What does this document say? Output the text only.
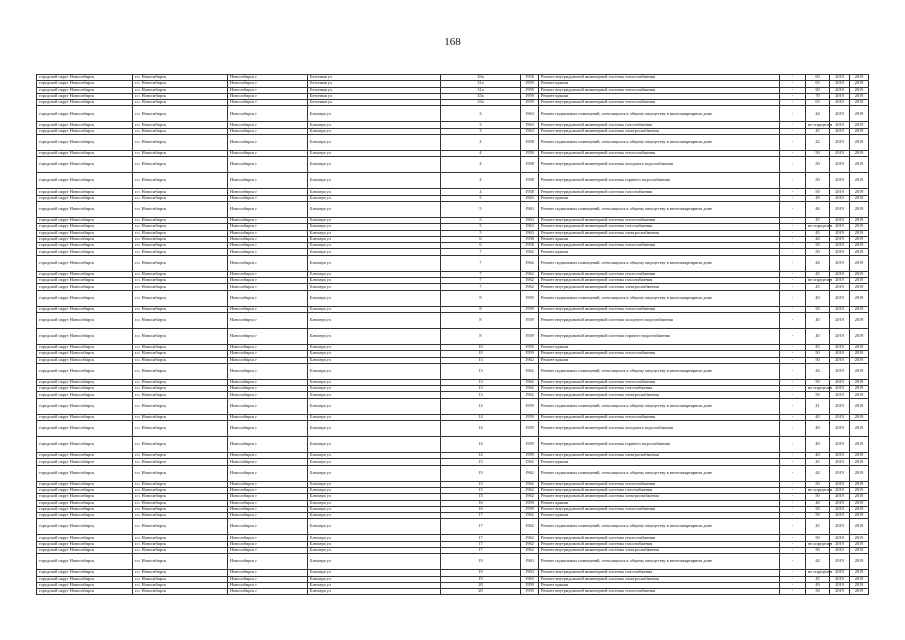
168
городской округ Новосибирск	г.о. Новосибирск	Новосибирск г	Бетонная ул	29а	1958	Ремонт внутридомовой инженерной системы теплоснабжения	-	60	2019	2019
городской округ Новосибирск	г.о. Новосибирск	Новосибирск г	Бетонная ул	31а	1959	Ремонт крыши	-	65	2019	2019
городской округ Новосибирск	г.о. Новосибирск	Новосибирск г	Бетонная ул	31а	1959	Ремонт внутридомовой инженерной системы теплоснабжения	-	50	2019	2019
городской округ Новосибирск	г.о. Новосибирск	Новосибирск г	Бетонная ул	33а	1959	Ремонт крыши	-	70	2019	2019
городской округ Новосибирск	г.о. Новосибирск	Новосибирск г	Бетонная ул	33а	1959	Ремонт внутридомовой инженерной системы теплоснабжения	-	65	2019	2019
городской округ Новосибирск	г.о. Новосибирск	Новосибирск г	Блюхера ул	3	1963	Ремонт подвальных помещений, относящихся к общему имуществу в многоквартирном доме	-	44	2019	2019
городской округ Новосибирск	г.о. Новосибирск	Новосибирск г	Блюхера ул	3	1963	Ремонт внутридомовой инженерной системы газоснабжения	-	не определен	2019	2019
городской округ Новосибирск	г.о. Новосибирск	Новосибирск г	Блюхера ул	3	1963	Ремонт внутридомовой инженерной системы электроснабжения	-	45	2019	2019
городской округ Новосибирск	г.о. Новосибирск	Новосибирск г	Блюхера ул	4	1958	Ремонт подвальных помещений, относящихся к общему имуществу в многоквартирном доме	-	42	2019	2019
городской округ Новосибирск	г.о. Новосибирск	Новосибирск г	Блюхера ул	4	1958	Ремонт внутридомовой инженерной системы теплоснабжения	-	50	2019	2019
городской округ Новосибирск	г.о. Новосибирск	Новосибирск г	Блюхера ул	4	1958	Ремонт внутридомовой инженерной системы холодного водоснабжения	-	50	2019	2019
городской округ Новосибирск	г.о. Новосибирск	Новосибирск г	Блюхера ул	4	1958	Ремонт внутридомовой инженерной системы горячего водоснабжения	-	50	2019	2019
городской округ Новосибирск	г.о. Новосибирск	Новосибирск г	Блюхера ул	4	1958	Ремонт внутридомовой инженерной системы газоснабжения	-	50	2019	2019
городской округ Новосибирск	г.о. Новосибирск	Новосибирск г	Блюхера ул	5	1963	Ремонт крыши	-	49	2019	2019
городской округ Новосибирск	г.о. Новосибирск	Новосибирск г	Блюхера ул	5	1963	Ремонт подвальных помещений, относящихся к общему имуществу в многоквартирном доме	-	46	2019	2019
городской округ Новосибирск	г.о. Новосибирск	Новосибирск г	Блюхера ул	5	1963	Ремонт внутридомовой инженерной системы теплоснабжения	-	45	2019	2019
городской округ Новосибирск	г.о. Новосибирск	Новосибирск г	Блюхера ул	5	1963	Ремонт внутридомовой инженерной системы газоснабжения	-	не определен	2019	2019
городской округ Новосибирск	г.о. Новосибирск	Новосибирск г	Блюхера ул	5	1963	Ремонт внутридомовой инженерной системы электроснабжения	-	45	2019	2019
городской округ Новосибирск	г.о. Новосибирск	Новосибирск г	Блюхера ул	6	1958	Ремонт крыши	-	40	2019	2019
городской округ Новосибирск	г.о. Новосибирск	Новосибирск г	Блюхера ул	6	1958	Ремонт внутридомовой инженерной системы теплоснабжения	-	50	2019	2019
городской округ Новосибирск	г.о. Новосибирск	Новосибирск г	Блюхера ул	7	1962	Ремонт крыши	-	50	2019	2019
городской округ Новосибирск	г.о. Новосибирск	Новосибирск г	Блюхера ул	7	1962	Ремонт подвальных помещений, относящихся к общему имуществу в многоквартирном доме	-	44	2019	2019
городской округ Новосибирск	г.о. Новосибирск	Новосибирск г	Блюхера ул	7	1962	Ремонт внутридомовой инженерной системы теплоснабжения	-	45	2019	2019
городской округ Новосибирск	г.о. Новосибирск	Новосибирск г	Блюхера ул	7	1962	Ремонт внутридомовой инженерной системы газоснабжения	-	не определен	2019	2019
городской округ Новосибирск	г.о. Новосибирск	Новосибирск г	Блюхера ул	7	1962	Ремонт внутридомовой инженерной системы электроснабжения	-	45	2019	2019
городской округ Новосибирск	г.о. Новосибирск	Новосибирск г	Блюхера ул	8	1959	Ремонт подвальных помещений, относящихся к общему имуществу в многоквартирном доме	-	40	2019	2019
городской округ Новосибирск	г.о. Новосибирск	Новосибирск г	Блюхера ул	8	1959	Ремонт внутридомовой инженерной системы теплоснабжения	-	50	2019	2019
городской округ Новосибирск	г.о. Новосибирск	Новосибирск г	Блюхера ул	8	1959	Ремонт внутридомовой инженерной системы холодного водоснабжения	-	40	2019	2019
городской округ Новосибирск	г.о. Новосибирск	Новосибирск г	Блюхера ул	8	1959	Ремонт внутридомовой инженерной системы горячего водоснабжения	-	40	2019	2019
городской округ Новосибирск	г.о. Новосибирск	Новосибирск г	Блюхера ул	10	1959	Ремонт крыши	-	45	2019	2019
городской округ Новосибирск	г.о. Новосибирск	Новосибирск г	Блюхера ул	10	1959	Ремонт внутридомовой инженерной системы теплоснабжения	-	50	2019	2019
городской округ Новосибирск	г.о. Новосибирск	Новосибирск г	Блюхера ул	13	1962	Ремонт крыши	-	50	2019	2019
городской округ Новосибирск	г.о. Новосибирск	Новосибирск г	Блюхера ул	13	1962	Ремонт подвальных помещений, относящихся к общему имуществу в многоквартирном доме	-	44	2019	2019
городской округ Новосибирск	г.о. Новосибирск	Новосибирск г	Блюхера ул	13	1962	Ремонт внутридомовой инженерной системы теплоснабжения	-	50	2019	2019
городской округ Новосибирск	г.о. Новосибирск	Новосибирск г	Блюхера ул	13	1962	Ремонт внутридомовой инженерной системы газоснабжения	-	не определен	2019	2019
городской округ Новосибирск	г.о. Новосибирск	Новосибирск г	Блюхера ул	13	1962	Ремонт внутридомовой инженерной системы электроснабжения	-	50	2019	2019
городской округ Новосибирск	г.о. Новосибирск	Новосибирск г	Блюхера ул	14	1959	Ремонт подвальных помещений, относящихся к общему имуществу в многоквартирном доме	-	41	2019	2019
городской округ Новосибирск	г.о. Новосибирск	Новосибирск г	Блюхера ул	14	1959	Ремонт внутридомовой инженерной системы теплоснабжения	-	40	2019	2019
городской округ Новосибирск	г.о. Новосибирск	Новосибирск г	Блюхера ул	14	1959	Ремонт внутридомовой инженерной системы холодного водоснабжения	-	40	2019	2019
городской округ Новосибирск	г.о. Новосибирск	Новосибирск г	Блюхера ул	14	1959	Ремонт внутридомовой инженерной системы горячего водоснабжения	-	40	2019	2019
городской округ Новосибирск	г.о. Новосибирск	Новосибирск г	Блюхера ул	14	1959	Ремонт внутридомовой инженерной системы электроснабжения	-	40	2019	2019
городской округ Новосибирск	г.о. Новосибирск	Новосибирск г	Блюхера ул	15	1962	Ремонт крыши	-	45	2019	2019
городской округ Новосибирск	г.о. Новосибирск	Новосибирск г	Блюхера ул	15	1962	Ремонт подвальных помещений, относящихся к общему имуществу в многоквартирном доме	-	44	2019	2019
городской округ Новосибирск	г.о. Новосибирск	Новосибирск г	Блюхера ул	15	1962	Ремонт внутридомовой инженерной системы теплоснабжения	-	50	2019	2019
городской округ Новосибирск	г.о. Новосибирск	Новосибирск г	Блюхера ул	15	1962	Ремонт внутридомовой инженерной системы газоснабжения	-	не определен	2019	2019
городской округ Новосибирск	г.о. Новосибирск	Новосибирск г	Блюхера ул	15	1962	Ремонт внутридомовой инженерной системы электроснабжения	-	50	2019	2019
городской округ Новосибирск	г.о. Новосибирск	Новосибирск г	Блюхера ул	16	1959	Ремонт крыши	-	40	2019	2019
городской округ Новосибирск	г.о. Новосибирск	Новосибирск г	Блюхера ул	16	1959	Ремонт внутридомовой инженерной системы теплоснабжения	-	50	2019	2019
городской округ Новосибирск	г.о. Новосибирск	Новосибирск г	Блюхера ул	17	1962	Ремонт крыши	-	50	2019	2019
городской округ Новосибирск	г.о. Новосибирск	Новосибирск г	Блюхера ул	17	1962	Ремонт подвальных помещений, относящихся к общему имуществу в многоквартирном доме	-	45	2019	2019
городской округ Новосибирск	г.о. Новосибирск	Новосибирск г	Блюхера ул	17	1962	Ремонт внутридомовой инженерной системы теплоснабжения	-	50	2019	2019
городской округ Новосибирск	г.о. Новосибирск	Новосибирск г	Блюхера ул	17	1962	Ремонт внутридомовой инженерной системы газоснабжения	-	не определен	2019	2019
городской округ Новосибирск	г.о. Новосибирск	Новосибирск г	Блюхера ул	17	1962	Ремонт внутридомовой инженерной системы электроснабжения	-	50	2019	2019
городской округ Новосибирск	г.о. Новосибирск	Новосибирск г	Блюхера ул	19	1963	Ремонт подвальных помещений, относящихся к общему имуществу в многоквартирном доме	-	44	2019	2019
городской округ Новосибирск	г.о. Новосибирск	Новосибирск г	Блюхера ул	19	1963	Ремонт внутридомовой инженерной системы газоснабжения	-	не определен	2019	2019
городской округ Новосибирск	г.о. Новосибирск	Новосибирск г	Блюхера ул	19	1963	Ремонт внутридомовой инженерной системы электроснабжения	-	45	2019	2019
городской округ Новосибирск	г.о. Новосибирск	Новосибирск г	Блюхера ул	20	1959	Ремонт крыши	-	49	2019	2019
городской округ Новосибирск	г.о. Новосибирск	Новосибирск г	Блюхера ул	20	1959	Ремонт внутридомовой инженерной системы теплоснабжения	-	50	2019	2019
